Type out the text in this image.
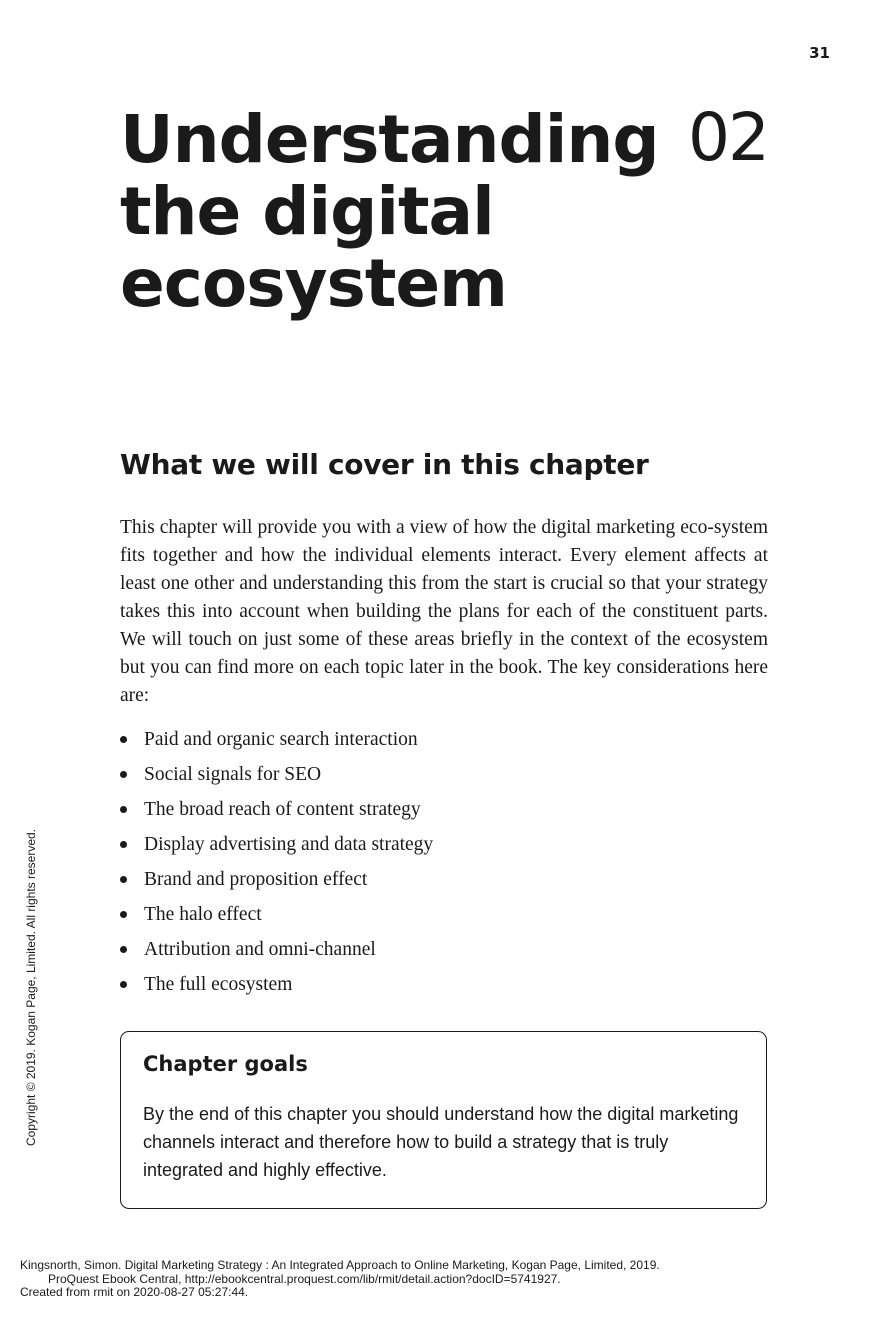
31
Understanding
the digital
ecosystem
02
What we will cover in this chapter

This chapter will provide you with a view of how the digital marketing eco-system fits together and how the individual elements interact. Every element affects at least one other and understanding this from the start is crucial so that your strategy takes this into account when building the plans for each of the constituent parts. We will touch on just some of these areas briefly in the context of the ecosystem but you can find more on each topic later in the book. The key considerations here are:

Paid and organic search interaction
Social signals for SEO
The broad reach of content strategy
Display advertising and data strategy
Brand and proposition effect
The halo effect
Attribution and omni-channel
The full ecosystem
Chapter goals

By the end of this chapter you should understand how the digital marketing channels interact and therefore how to build a strategy that is truly integrated and highly effective.

Copyright © 2019. Kogan Page, Limited. All rights reserved.
Kingsnorth, Simon. Digital Marketing Strategy : An Integrated Approach to Online Marketing, Kogan Page, Limited, 2019.
ProQuest Ebook Central, http://ebookcentral.proquest.com/lib/rmit/detail.action?docID=5741927.
Created from rmit on 2020-08-27 05:27:44.
